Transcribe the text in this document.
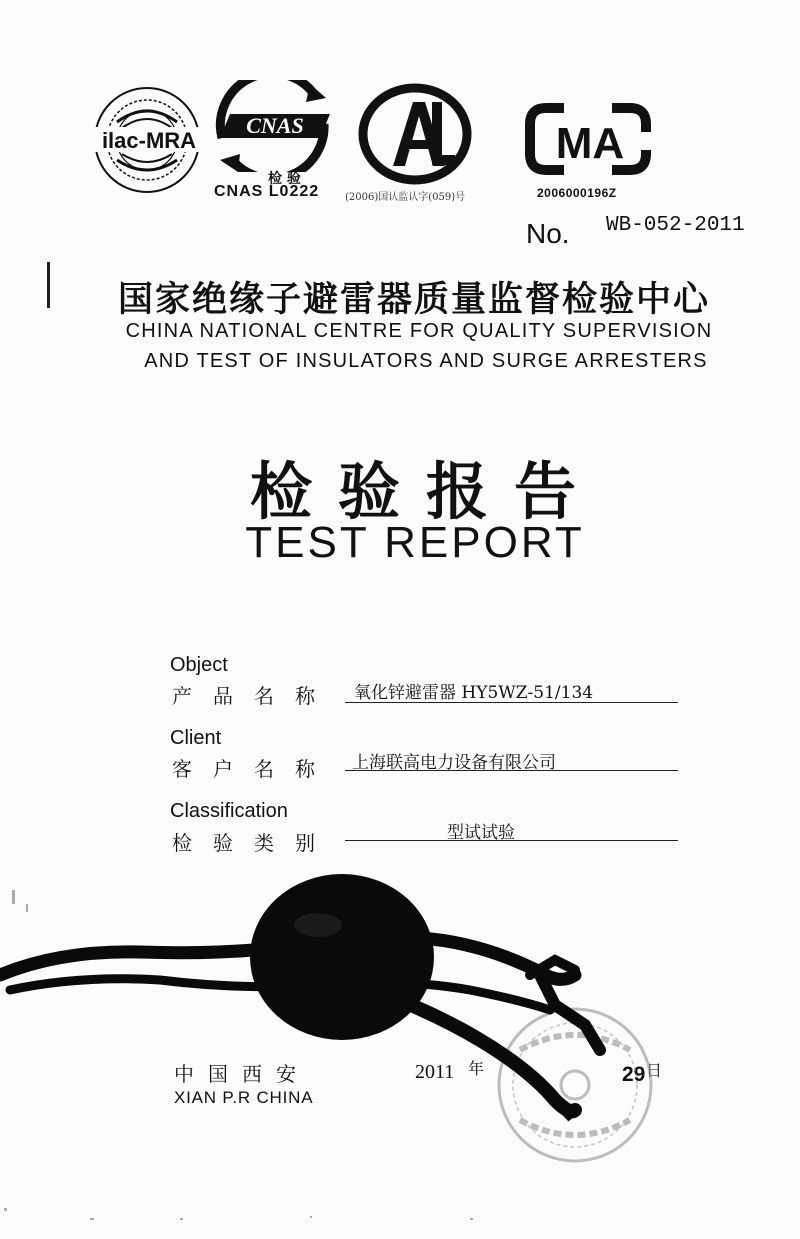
ilac-MRA
CNAS
检 验
CNAS L0222	(2006)国认监认字(059)号
MA
2006000196Z
No. WB-052-2011
国家绝缘子避雷器质量监督检验中心
CHINA NATIONAL CENTRE FOR QUALITY SUPERVISION
AND TEST OF INSULATORS AND SURGE ARRESTERS
检验报告
TEST REPORT
Object
产品名称 氧化锌避雷器 HY5WZ-51/134
Client
客户名称 上海联高电力设备有限公司
Classification
检验类别	型试试验
中国西安
XIAN P.R CHINA
2011 年	29 日
